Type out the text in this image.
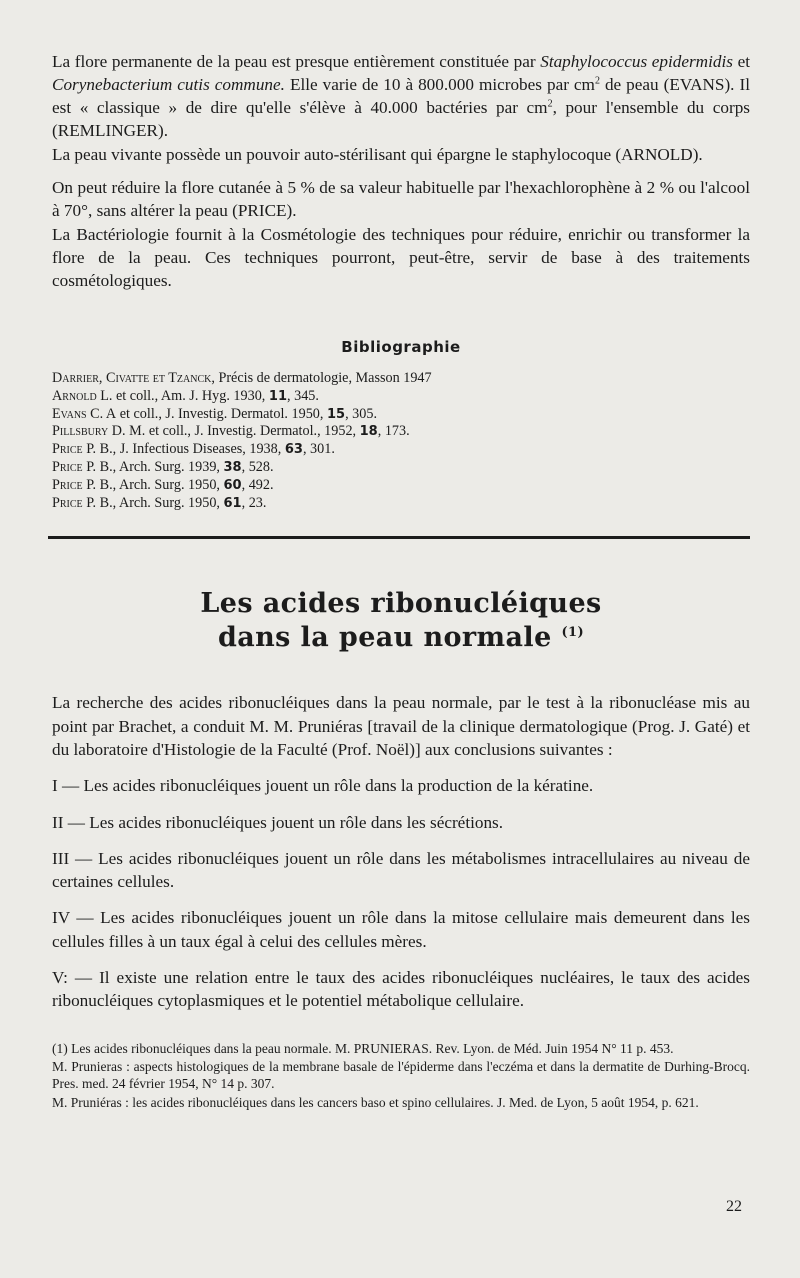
La flore permanente de la peau est presque entièrement constituée par Staphylococcus epidermidis et Corynebacterium cutis commune. Elle varie de 10 à 800.000 microbes par $cm^2$ de peau (EVANS). Il est « classique » de dire qu'elle s'élève à 40.000 bactéries par $cm^2$, pour l'ensemble du corps (REMLINGER).

La peau vivante possède un pouvoir auto-stérilisant qui épargne le staphylocoque (ARNOLD).

On peut réduire la flore cutanée à 5 % de sa valeur habituelle par l'hexachlorophène à 2 % ou l'alcool à 70°, sans altérer la peau (PRICE).

La Bactériologie fournit à la Cosmétologie des techniques pour réduire, enrichir ou transformer la flore de la peau. Ces techniques pourront, peut-être, servir de base à des traitements cosmétologiques.

Bibliographie
Darrier, Civatte et Tzanck, Précis de dermatologie, Masson 1947
Arnold L. et coll., Am. J. Hyg. 1930, 11, 345.
Evans C. A et coll., J. Investig. Dermatol. 1950, 15, 305.
Pillsbury D. M. et coll., J. Investig. Dermatol., 1952, 18, 173.
Price P. B., J. Infectious Diseases, 1938, 63, 301.
Price P. B., Arch. Surg. 1939, 38, 528.
Price P. B., Arch. Surg. 1950, 60, 492.
Price P. B., Arch. Surg. 1950, 61, 23.
Les acides ribonucléiques
dans la peau normale $^{(1)}$

La recherche des acides ribonucléiques dans la peau normale, par le test à la ribonucléase mis au point par Brachet, a conduit M. M. Pruniéras [travail de la clinique dermatologique (Prog. J. Gaté) et du laboratoire d'Histologie de la Faculté (Prof. Noël)] aux conclusions suivantes :

I — Les acides ribonucléiques jouent un rôle dans la production de la kératine.

II — Les acides ribonucléiques jouent un rôle dans les sécrétions.

III — Les acides ribonucléiques jouent un rôle dans les métabolismes intracellulaires au niveau de certaines cellules.

IV — Les acides ribonucléiques jouent un rôle dans la mitose cellulaire mais demeurent dans les cellules filles à un taux égal à celui des cellules mères.

V: — Il existe une relation entre le taux des acides ribonucléiques nucléaires, le taux des acides ribonucléiques cytoplasmiques et le potentiel métabolique cellulaire.

(1) Les acides ribonucléiques dans la peau normale. M. PRUNIERAS. Rev. Lyon. de Méd. Juin 1954 N° 11 p. 453.

M. Prunieras : aspects histologiques de la membrane basale de l'épiderme dans l'eczéma et dans la dermatite de Durhing-Brocq. Pres. med. 24 février 1954, N° 14 p. 307.

M. Pruniéras : les acides ribonucléiques dans les cancers baso et spino cellulaires. J. Med. de Lyon, 5 août 1954, p. 621.

22
